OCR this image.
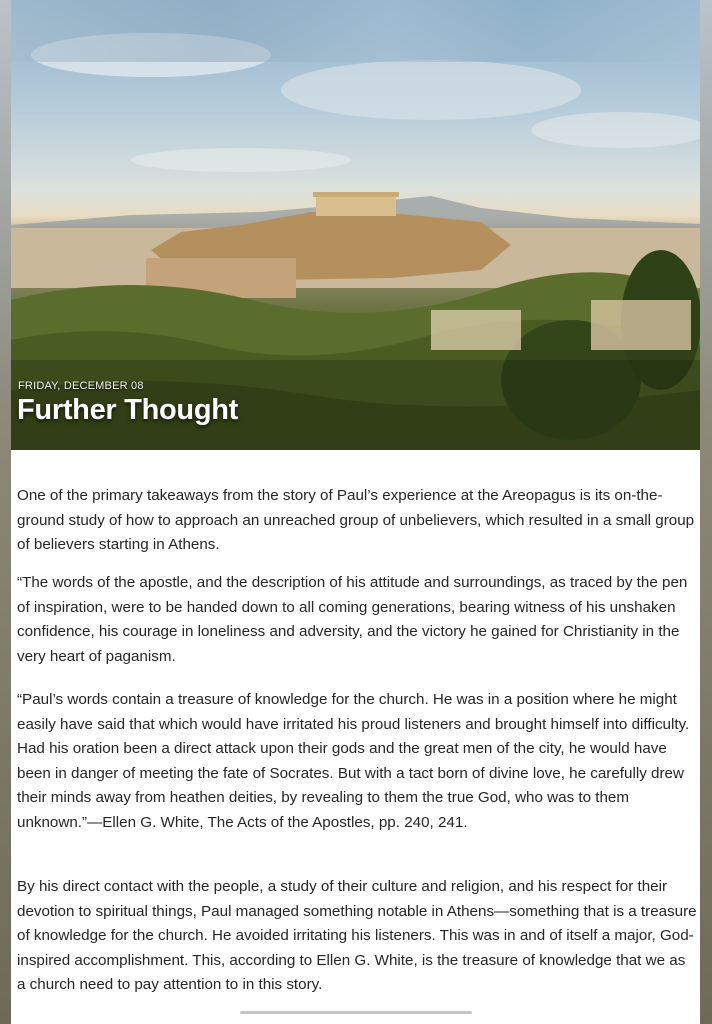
FRIDAY, DECEMBER 08
Further Thought

One of the primary takeaways from the story of Paul’s experience at the Areopagus is its on-the-ground study of how to approach an unreached group of unbelievers, which resulted in a small group of believers starting in Athens.

“The words of the apostle, and the description of his attitude and surroundings, as traced by the pen of inspiration, were to be handed down to all coming generations, bearing witness of his unshaken confidence, his courage in loneliness and adversity, and the victory he gained for Christianity in the very heart of paganism.

“Paul’s words contain a treasure of knowledge for the church. He was in a position where he might easily have said that which would have irritated his proud listeners and brought himself into difficulty. Had his oration been a direct attack upon their gods and the great men of the city, he would have been in danger of meeting the fate of Socrates. But with a tact born of divine love, he carefully drew their minds away from heathen deities, by revealing to them the true God, who was to them unknown.”—Ellen G. White, The Acts of the Apostles, pp. 240, 241.

By his direct contact with the people, a study of their culture and religion, and his respect for their devotion to spiritual things, Paul managed something notable in Athens—something that is a treasure of knowledge for the church. He avoided irritating his listeners. This was in and of itself a major, God-inspired accomplishment. This, according to Ellen G. White, is the treasure of knowledge that we as a church need to pay attention to in this story.
